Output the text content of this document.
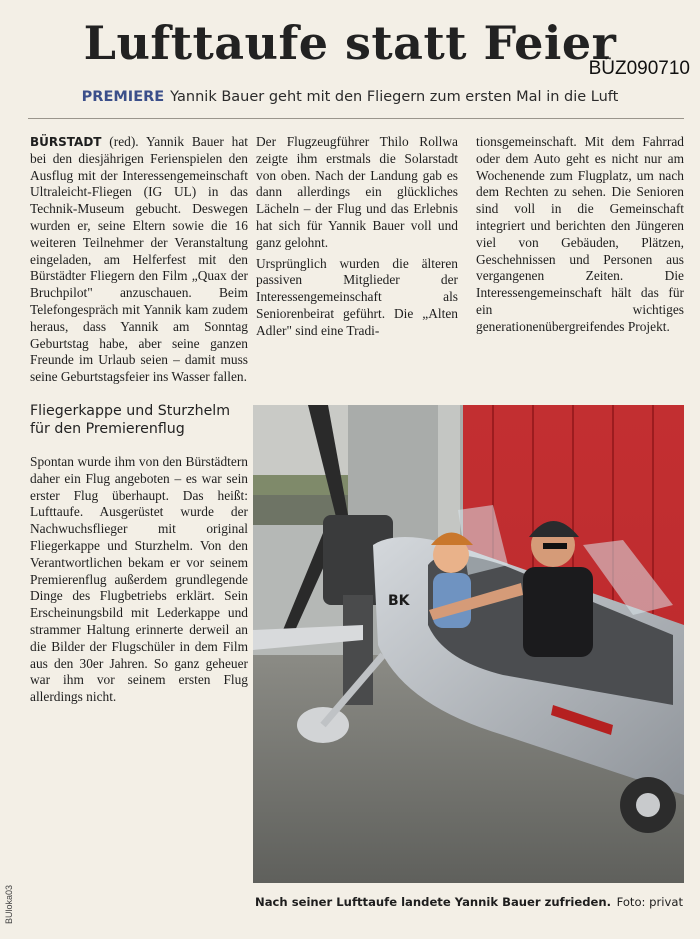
Lufttaufe statt Feier
BÜZ090710
PREMIERE Yannik Bauer geht mit den Fliegern zum ersten Mal in die Luft

BÜRSTADT (red). Yannik Bauer hat bei den diesjährigen Ferienspielen den Ausflug mit der Interessengemeinschaft Ultraleicht-Fliegen (IG UL) in das Technik-Museum gebucht. Deswegen wurden er, seine Eltern sowie die 16 weiteren Teilnehmer der Veranstaltung eingeladen, am Helferfest mit den Bürstädter Fliegern den Film „Quax der Bruchpilot" anzuschauen. Beim Telefongespräch mit Yannik kam zudem heraus, dass Yannik am Sonntag Geburtstag habe, aber seine ganzen Freunde im Urlaub seien – damit muss seine Geburtstagsfeier ins Wasser fallen.

Fliegerkappe und Sturzhelm für den Premierenflug

Spontan wurde ihm von den Bürstädtern daher ein Flug angeboten – es war sein erster Flug überhaupt. Das heißt: Lufttaufe. Ausgerüstet wurde der Nachwuchsflieger mit original Fliegerkappe und Sturzhelm. Von den Verantwortlichen bekam er vor seinem Premierenflug außerdem grundlegende Dinge des Flugbetriebs erklärt. Sein Erscheinungsbild mit Lederkappe und strammer Haltung erinnerte derweil an die Bilder der Flugschüler in dem Film aus den 30er Jahren. So ganz geheuer war ihm vor seinem ersten Flug allerdings nicht.

Der Flugzeugführer Thilo Rollwa zeigte ihm erstmals die Solarstadt von oben. Nach der Landung gab es dann allerdings ein glückliches Lächeln – der Flug und das Erlebnis hat sich für Yannik Bauer voll und ganz gelohnt.

Ursprünglich wurden die älteren passiven Mitglieder der Interessengemeinschaft als Seniorenbeirat geführt. Die „Alten Adler" sind eine Tradi-

tionsgemeinschaft. Mit dem Fahrrad oder dem Auto geht es nicht nur am Wochenende zum Flugplatz, um nach dem Rechten zu sehen. Die Senioren sind voll in die Gemeinschaft integriert und berichten den Jüngeren viel von Gebäuden, Plätzen, Geschehnissen und Personen aus vergangenen Zeiten. Die Interessengemeinschaft hält das für ein wichtiges generationenübergreifendes Projekt.

BK
Nach seiner Lufttaufe landete Yannik Bauer zufrieden. Foto: privat
BUloka03
